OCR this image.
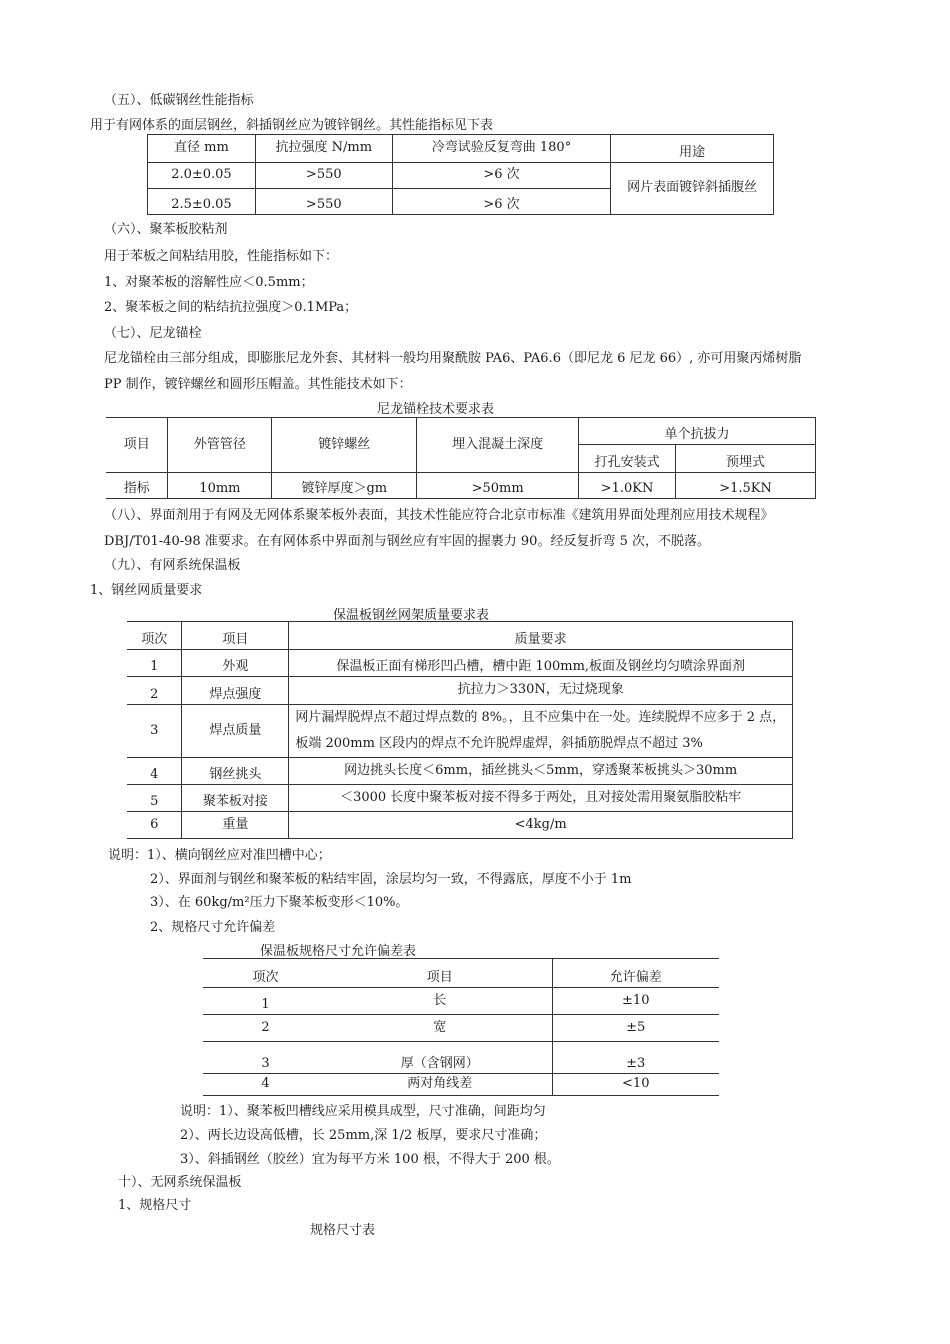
（五）、低碳钢丝性能指标
用于有网体系的面层钢丝，斜插钢丝应为镀锌钢丝。其性能指标见下表
直径 mm	抗拉强度 N/mm	冷弯试验反复弯曲 180°	用途
2.0±0.05	>550	>6 次	网片表面镀锌斜插腹丝
2.5±0.05	>550	>6 次	
（六）、聚苯板胶粘剂
用于苯板之间粘结用胶，性能指标如下：
1、对聚苯板的溶解性应＜0.5mm；
2、聚苯板之间的粘结抗拉强度＞0.1MPa；
（七）、尼龙锚栓
尼龙锚栓由三部分组成，即膨胀尼龙外套、其材料一般均用聚酰胺 PA6、PA6.6（即尼龙 6 尼龙 66）, 亦可用聚丙烯树脂
PP 制作，镀锌螺丝和圆形压帽盖。其性能技术如下：
尼龙锚栓技术要求表
项目	外管管径	镀锌螺丝	埋入混凝土深度	单个抗拔力	
				打孔安装式	预埋式
指标	10mm	镀锌厚度＞gm	>50mm	>1.0KN	>1.5KN
（八）、界面剂用于有网及无网体系聚苯板外表面，其技术性能应符合北京市标准《建筑用界面处理剂应用技术规程》
DBJ/T01-40-98 准要求。在有网体系中界面剂与钢丝应有牢固的握裹力 90。经反复折弯 5 次，不脱落。
（九）、有网系统保温板
1、钢丝网质量要求
保温板钢丝网架质量要求表
项次	项目	质量要求
1	外观	保温板正面有梯形凹凸槽，槽中距 100mm,板面及钢丝均匀喷涂界面剂
2	焊点强度	抗拉力＞330N，无过烧现象
3	焊点质量	网片漏焊脱焊点不超过焊点数的 8%。，且不应集中在一处。连续脱焊不应多于 2 点，板端 200mm 区段内的焊点不允许脱焊虚焊，斜插筋脱焊点不超过 3%
4	钢丝挑头	网边挑头长度＜6mm，插丝挑头＜5mm，穿透聚苯板挑头＞30mm
5	聚苯板对接	＜3000 长度中聚苯板对接不得多于两处，且对接处需用聚氨脂胶粘牢
6	重量	<4kg/m
说明：1）、横向钢丝应对准凹槽中心；
2）、界面剂与钢丝和聚苯板的粘结牢固，涂层均匀一致，不得露底，厚度不小于 1m
3）、在 60kg/m²压力下聚苯板变形＜10%。
2、规格尺寸允许偏差
保温板规格尺寸允许偏差表
项次	项目	允许偏差
1	长	±10
2	宽	±5
3	厚（含钢网）	±3
4	两对角线差	<10
说明：1）、聚苯板凹槽线应采用模具成型，尺寸准确，间距均匀
2）、两长边设高低槽，长 25mm,深 1/2 板厚，要求尺寸准确；
3）、斜插钢丝（胶丝）宜为每平方米 100 根，不得大于 200 根。
十）、无网系统保温板
1、规格尺寸
规格尺寸表
